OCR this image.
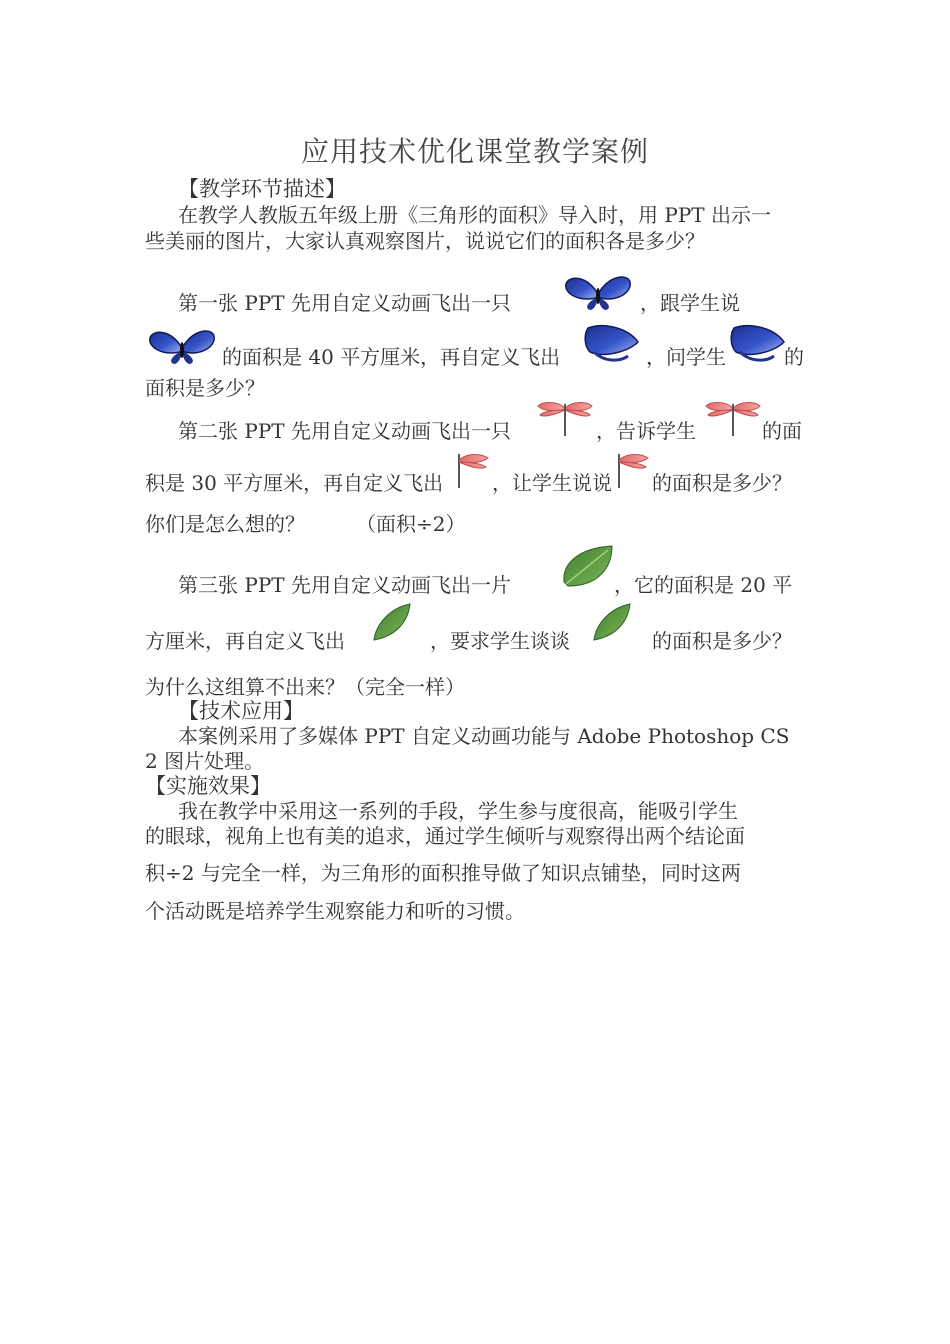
应用技术优化课堂教学案例
【教学环节描述】
在教学人教版五年级上册《三角形的面积》导入时，用 PPT 出示一
些美丽的图片，大家认真观察图片，说说它们的面积各是多少？
第一张 PPT 先用自定义动画飞出一只	，跟学生说
的面积是 40 平方厘米，再自定义飞出	，问学生	的
面积是多少？
第二张 PPT 先用自定义动画飞出一只	，告诉学生	的面
积是 30 平方厘米，再自定义飞出 ，让学生说说 的面积是多少？
你们是怎么想的？	（面积÷2）
第三张 PPT 先用自定义动画飞出一片	，它的面积是 20 平
方厘米，再自定义飞出	，要求学生谈谈	的面积是多少？
为什么这组算不出来？（完全一样）
【技术应用】
本案例采用了多媒体 PPT 自定义动画功能与 Adobe Photoshop CS
2 图片处理。
【实施效果】
我在教学中采用这一系列的手段，学生参与度很高，能吸引学生
的眼球，视角上也有美的追求，通过学生倾听与观察得出两个结论面
积÷2 与完全一样，为三角形的面积推导做了知识点铺垫，同时这两
个活动既是培养学生观察能力和听的习惯。
